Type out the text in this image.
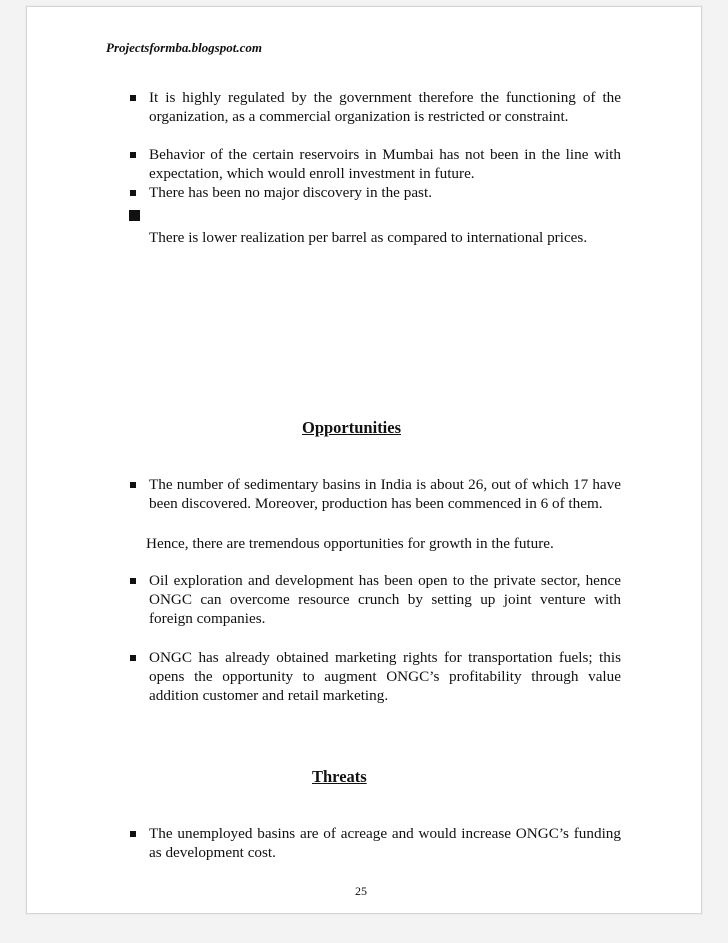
Projectsformba.blogspot.com
It is highly regulated by the government therefore the functioning of the organization, as a commercial organization is restricted or constraint.
Behavior of the certain reservoirs in Mumbai has not been in the line with expectation, which would enroll investment in future.
There has been no major discovery in the past.
There is lower realization per barrel as compared to international prices.
Opportunities
The number of sedimentary basins in India is about 26, out of which 17 have been discovered. Moreover, production has been commenced in 6 of them.
Hence, there are tremendous opportunities for growth in the future.
Oil exploration and development has been open to the private sector, hence ONGC can overcome resource crunch by setting up joint venture with foreign companies.
ONGC has already obtained marketing rights for transportation fuels; this opens the opportunity to augment ONGC’s profitability through value addition customer and retail marketing.
Threats
The unemployed basins are of acreage and would increase ONGC’s funding as development cost.
25
